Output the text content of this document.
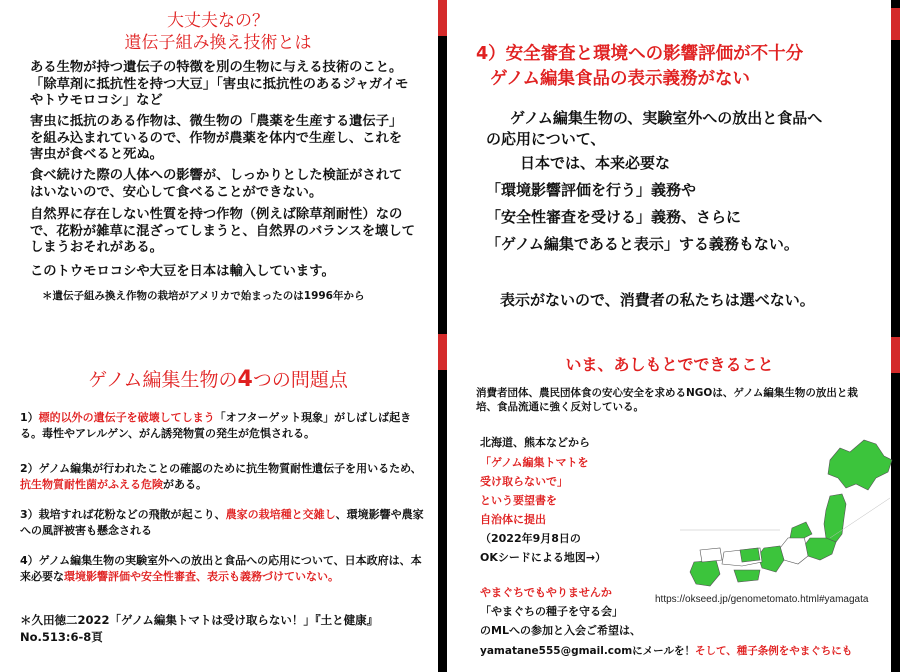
大丈夫なの？
遺伝子組み換え技術とは

ある生物が持つ遺伝子の特徴を別の生物に与える技術のこと。「除草剤に抵抗性を持つ大豆」「害虫に抵抗性のあるジャガイモやトウモロコシ」など

害虫に抵抗のある作物は、微生物の「農薬を生産する遺伝子」を組み込まれているので、作物が農薬を体内で生産し、これを害虫が食べると死ぬ。

食べ続けた際の人体への影響が、しっかりとした検証がされてはいないので、安心して食べることができない。

自然界に存在しない性質を持つ作物（例えば除草剤耐性）なので、花粉が雑草に混ざってしまうと、自然界のバランスを壊してしまうおそれがある。

このトウモロコシや大豆を日本は輸入しています。

＊遺伝子組み換え作物の栽培がアメリカで始まったのは1996年から

ゲノム編集生物の4つの問題点

1）標的以外の遺伝子を破壊してしまう「オフターゲット現象」がしばしば起きる。毒性やアレルゲン、がん誘発物質の発生が危惧される。

2）ゲノム編集が行われたことの確認のために抗生物質耐性遺伝子を用いるため、抗生物質耐性菌がふえる危険がある。

3）栽培すれば花粉などの飛散が起こり、農家の栽培種と交雑し、環境影響や農家への風評被害も懸念される

4）ゲノム編集生物の実験室外への放出と食品への応用について、日本政府は、本来必要な環境影響評価や安全性審査、表示も義務づけていない。

＊久田徳二2022「ゲノム編集トマトは受け取らない！」『土と健康』No.513:6-8頁

4）安全審査と環境への影響評価が不十分
ゲノム編集食品の表示義務がない

ゲノム編集生物の、実験室外への放出と食品へ

の応用について、

日本では、本来必要な

「環境影響評価を行う」義務や

「安全性審査を受ける」義務、さらに

「ゲノム編集であると表示」する義務もない。

表示がないので、消費者の私たちは選べない。

いま、あしもとでできること

消費者団体、農民団体食の安心安全を求めるNGOは、ゲノム編集生物の放出と栽培、食品流通に強く反対している。

北海道、熊本などから

「ゲノム編集トマトを

受け取らないで」

という要望書を

自治体に提出

（2022年9月8日の

OKシードによる地図→）

やまぐちでもやりませんか

「やまぐちの種子を守る会」

のMLへの参加と入会ご希望は、

yamatane555@gmail.comにメールを！そして、種子条例をやまぐちにも

https://okseed.jp/genometomato.html#yamagata
